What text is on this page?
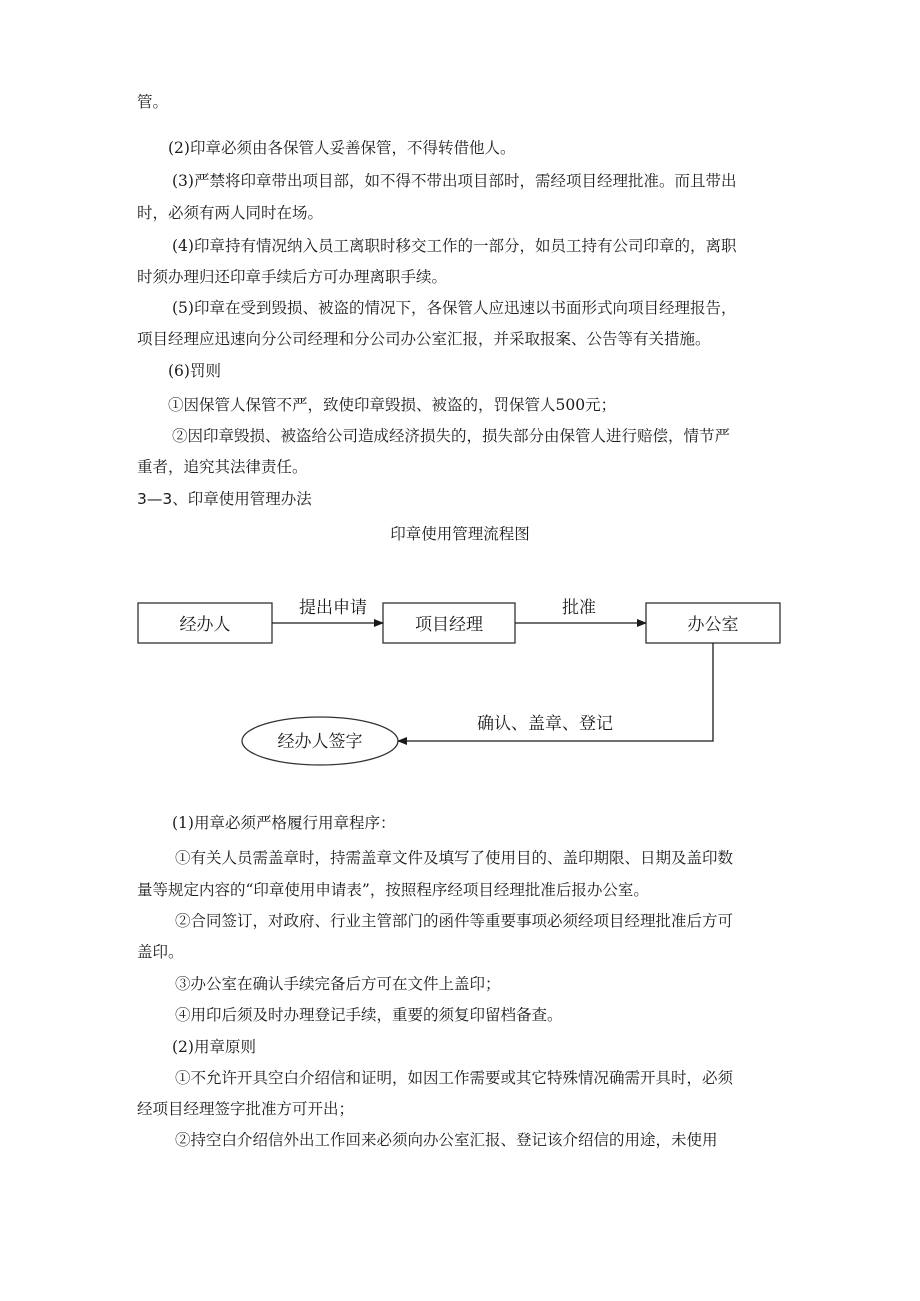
管。
(2)印章必须由各保管人妥善保管，不得转借他人。
(3)严禁将印章带出项目部，如不得不带出项目部时，需经项目经理批准。而且带出
时，必须有两人同时在场。
(4)印章持有情况纳入员工离职时移交工作的一部分，如员工持有公司印章的，离职
时须办理归还印章手续后方可办理离职手续。
(5)印章在受到毁损、被盗的情况下，各保管人应迅速以书面形式向项目经理报告，
项目经理应迅速向分公司经理和分公司办公室汇报，并采取报案、公告等有关措施。
(6)罚则
①因保管人保管不严，致使印章毁损、被盗的，罚保管人500元；
②因印章毁损、被盗给公司造成经济损失的，损失部分由保管人进行赔偿，情节严
重者，追究其法律责任。
3—3、印章使用管理办法
印章使用管理流程图
经办人	项目经理	办公室
经办人签字
提出申请	批准
确认、盖章、登记
(1)用章必须严格履行用章程序：
①有关人员需盖章时，持需盖章文件及填写了使用目的、盖印期限、日期及盖印数
量等规定内容的“印章使用申请表”，按照程序经项目经理批准后报办公室。
②合同签订，对政府、行业主管部门的函件等重要事项必须经项目经理批准后方可
盖印。
③办公室在确认手续完备后方可在文件上盖印；
④用印后须及时办理登记手续，重要的须复印留档备查。
(2)用章原则
①不允许开具空白介绍信和证明，如因工作需要或其它特殊情况确需开具时，必须
经项目经理签字批准方可开出；
②持空白介绍信外出工作回来必须向办公室汇报、登记该介绍信的用途，未使用
